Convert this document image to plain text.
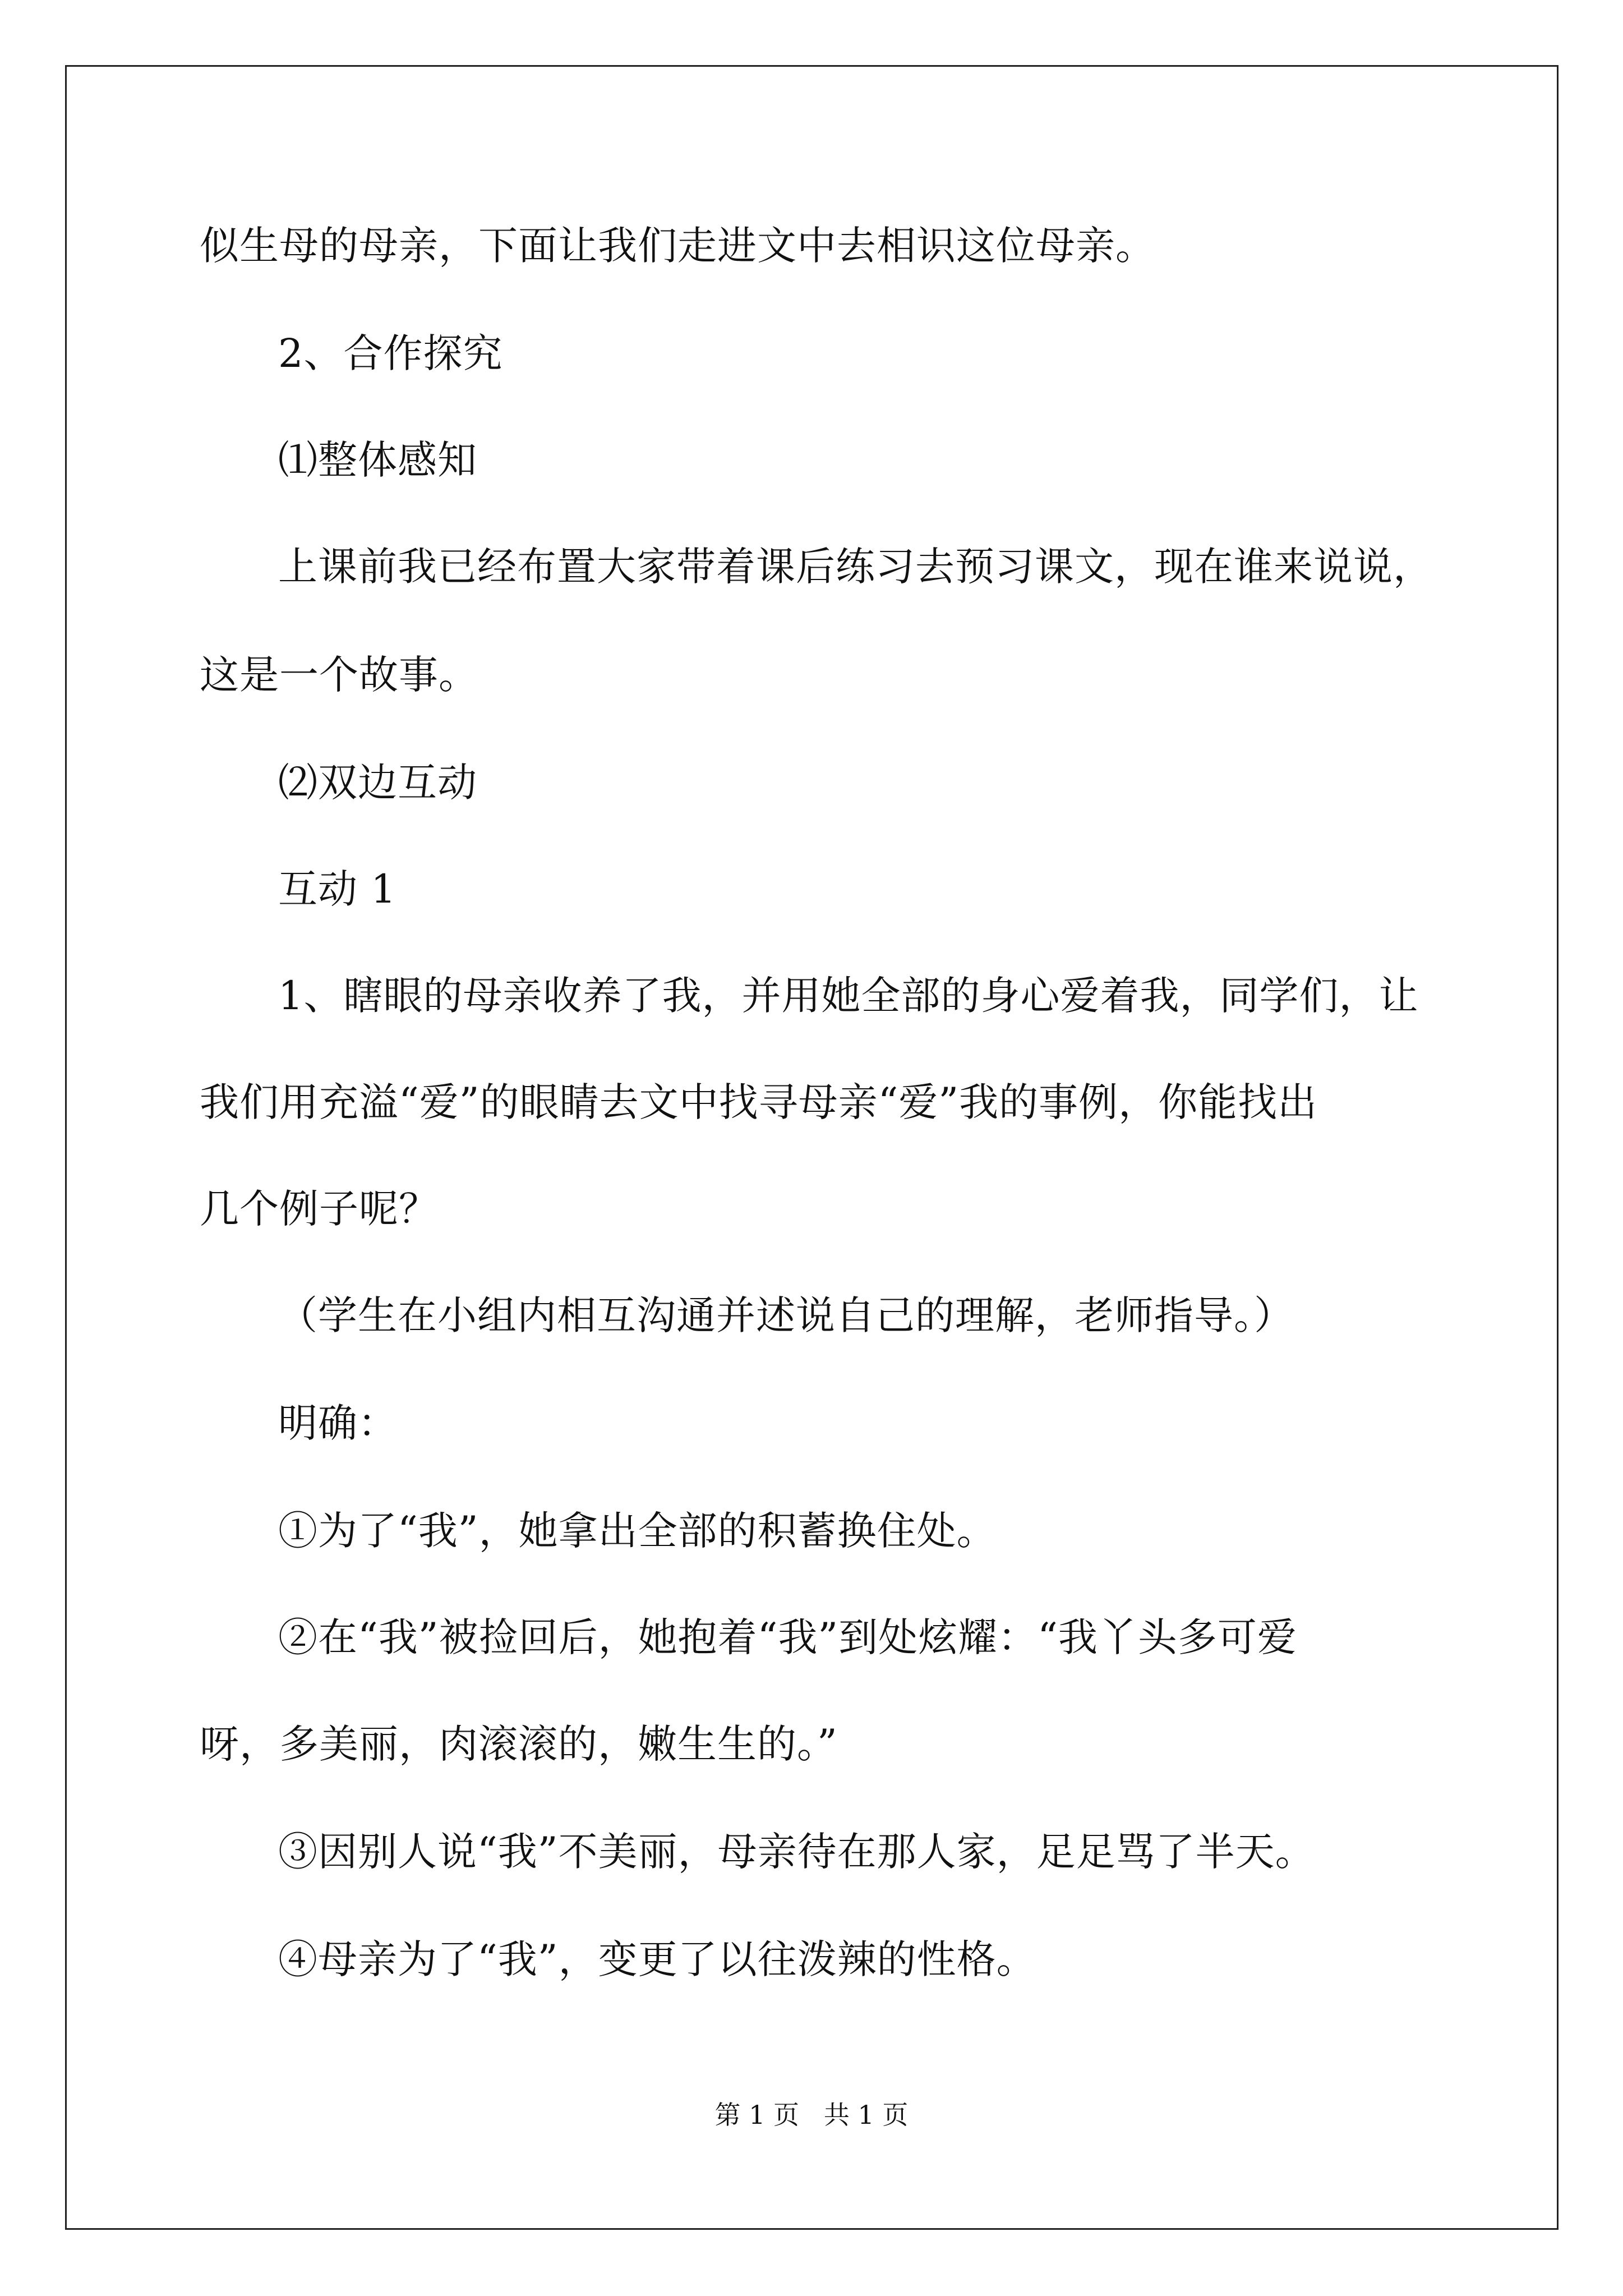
似生母的母亲，下面让我们走进文中去相识这位母亲。
2、合作探究
⑴整体感知
上课前我已经布置大家带着课后练习去预习课文，现在谁来说说，
这是一个故事。
⑵双边互动
互动 1
1、瞎眼的母亲收养了我，并用她全部的身心爱着我，同学们，让
我们用充溢“爱”的眼睛去文中找寻母亲“爱”我的事例，你能找出
几个例子呢？
（学生在小组内相互沟通并述说自己的理解，老师指导。）
明确：
①为了“我”，她拿出全部的积蓄换住处。
②在“我”被捡回后，她抱着“我”到处炫耀：“我丫头多可爱
呀，多美丽，肉滚滚的，嫩生生的。”
③因别人说“我”不美丽，母亲待在那人家，足足骂了半天。
④母亲为了“我”，变更了以往泼辣的性格。
第 1 页   共 1 页
